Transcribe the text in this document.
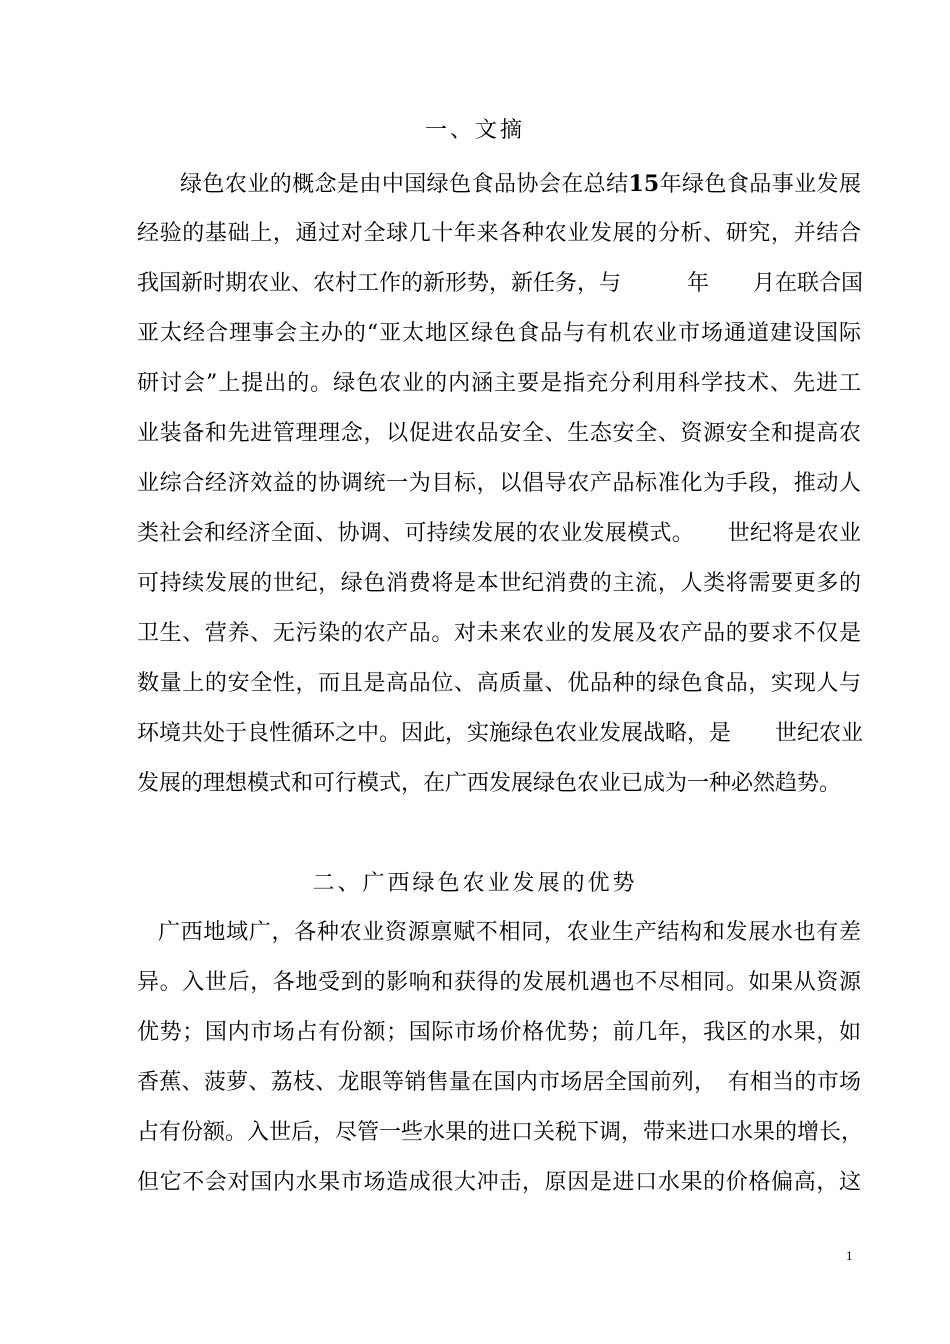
一、文摘
绿色农业的概念是由中国绿色食品协会在总结15年绿色食品事业发展
经验的基础上，通过对全球几十年来各种农业发展的分析、研究，并结合
我国新时期农业、农村工作的新形势，新任务，与　　　年　　月在联合国
亚太经合理事会主办的“亚太地区绿色食品与有机农业市场通道建设国际
研讨会”上提出的。绿色农业的内涵主要是指充分利用科学技术、先进工
业装备和先进管理理念，以促进农品安全、生态安全、资源安全和提高农
业综合经济效益的协调统一为目标，以倡导农产品标准化为手段，推动人
类社会和经济全面、协调、可持续发展的农业发展模式。　　世纪将是农业
可持续发展的世纪，绿色消费将是本世纪消费的主流，人类将需要更多的
卫生、营养、无污染的农产品。对未来农业的发展及农产品的要求不仅是
数量上的安全性，而且是高品位、高质量、优品种的绿色食品，实现人与
环境共处于良性循环之中。因此，实施绿色农业发展战略，是　　世纪农业
发展的理想模式和可行模式，在广西发展绿色农业已成为一种必然趋势。
二、广西绿色农业发展的优势
广西地域广，各种农业资源禀赋不相同，农业生产结构和发展水也有差
异。入世后，各地受到的影响和获得的发展机遇也不尽相同。如果从资源
优势；国内市场占有份额；国际市场价格优势；前几年，我区的水果，如
香蕉、菠萝、荔枝、龙眼等销售量在国内市场居全国前列，　有相当的市场
占有份额。入世后，尽管一些水果的进口关税下调，带来进口水果的增长，
但它不会对国内水果市场造成很大冲击，原因是进口水果的价格偏高，这
1
